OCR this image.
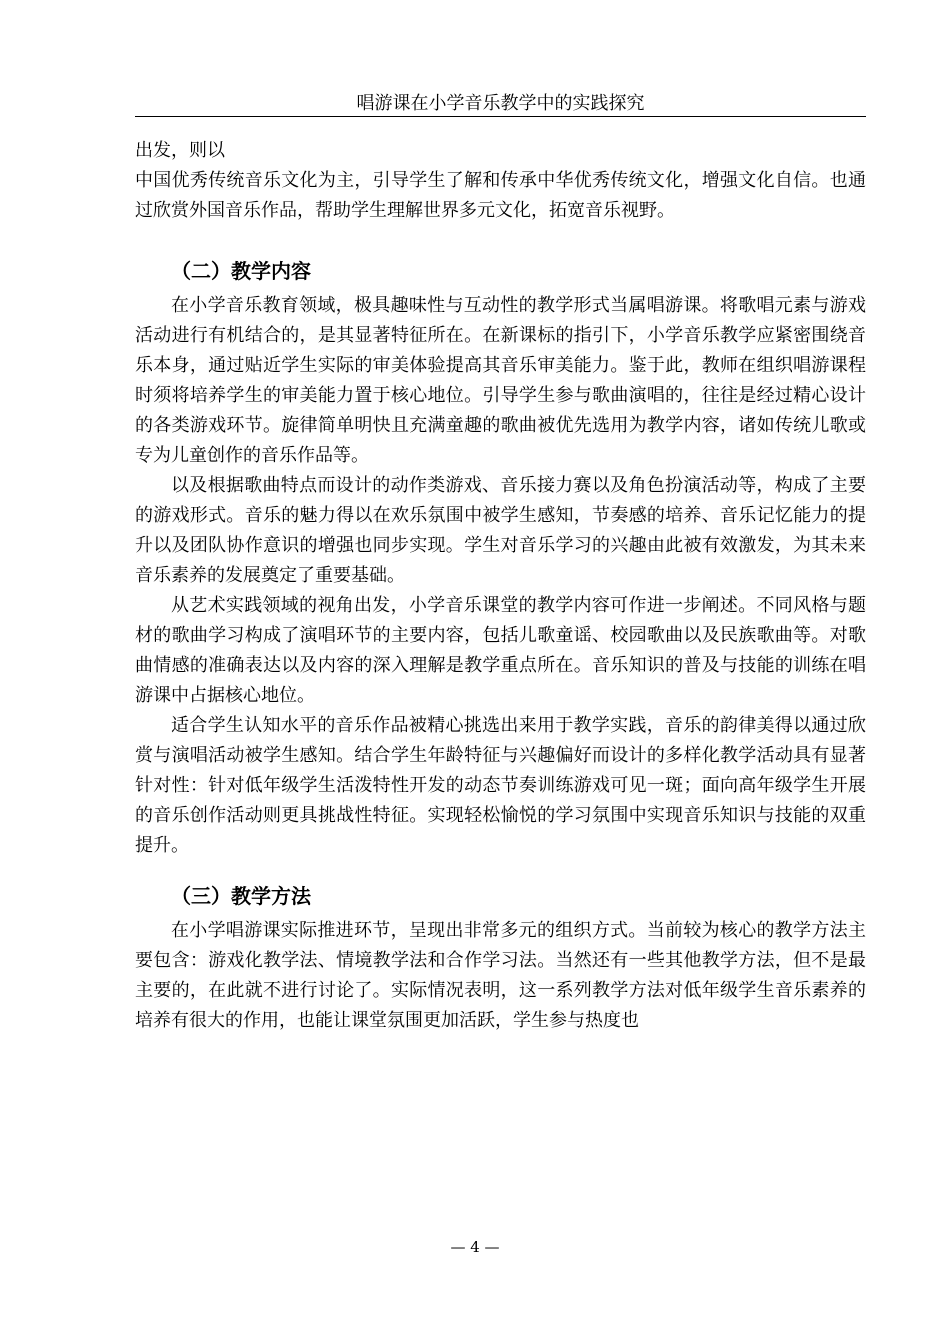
唱游课在小学音乐教学中的实践探究

出发，则以

中国优秀传统音乐文化为主，引导学生了解和传承中华优秀传统文化，增强文化自信。也通过欣赏外国音乐作品，帮助学生理解世界多元文化，拓宽音乐视野。

（二）教学内容

在小学音乐教育领域，极具趣味性与互动性的教学形式当属唱游课。将歌唱元素与游戏活动进行有机结合的，是其显著特征所在。在新课标的指引下，小学音乐教学应紧密围绕音乐本身，通过贴近学生实际的审美体验提高其音乐审美能力。鉴于此，教师在组织唱游课程时须将培养学生的审美能力置于核心地位。引导学生参与歌曲演唱的，往往是经过精心设计的各类游戏环节。旋律简单明快且充满童趣的歌曲被优先选用为教学内容，诸如传统儿歌或专为儿童创作的音乐作品等。

以及根据歌曲特点而设计的动作类游戏、音乐接力赛以及角色扮演活动等，构成了主要的游戏形式。音乐的魅力得以在欢乐氛围中被学生感知，节奏感的培养、音乐记忆能力的提升以及团队协作意识的增强也同步实现。学生对音乐学习的兴趣由此被有效激发，为其未来音乐素养的发展奠定了重要基础。

从艺术实践领域的视角出发，小学音乐课堂的教学内容可作进一步阐述。不同风格与题材的歌曲学习构成了演唱环节的主要内容，包括儿歌童谣、校园歌曲以及民族歌曲等。对歌曲情感的准确表达以及内容的深入理解是教学重点所在。音乐知识的普及与技能的训练在唱游课中占据核心地位。

适合学生认知水平的音乐作品被精心挑选出来用于教学实践，音乐的韵律美得以通过欣赏与演唱活动被学生感知。结合学生年龄特征与兴趣偏好而设计的多样化教学活动具有显著针对性：针对低年级学生活泼特性开发的动态节奏训练游戏可见一斑；面向高年级学生开展的音乐创作活动则更具挑战性特征。实现轻松愉悦的学习氛围中实现音乐知识与技能的双重提升。

（三）教学方法

在小学唱游课实际推进环节，呈现出非常多元的组织方式。当前较为核心的教学方法主要包含：游戏化教学法、情境教学法和合作学习法。当然还有一些其他教学方法，但不是最主要的，在此就不进行讨论了。实际情况表明，这一系列教学方法对低年级学生音乐素养的培养有很大的作用，也能让课堂氛围更加活跃，学生参与热度也

— 4 —
